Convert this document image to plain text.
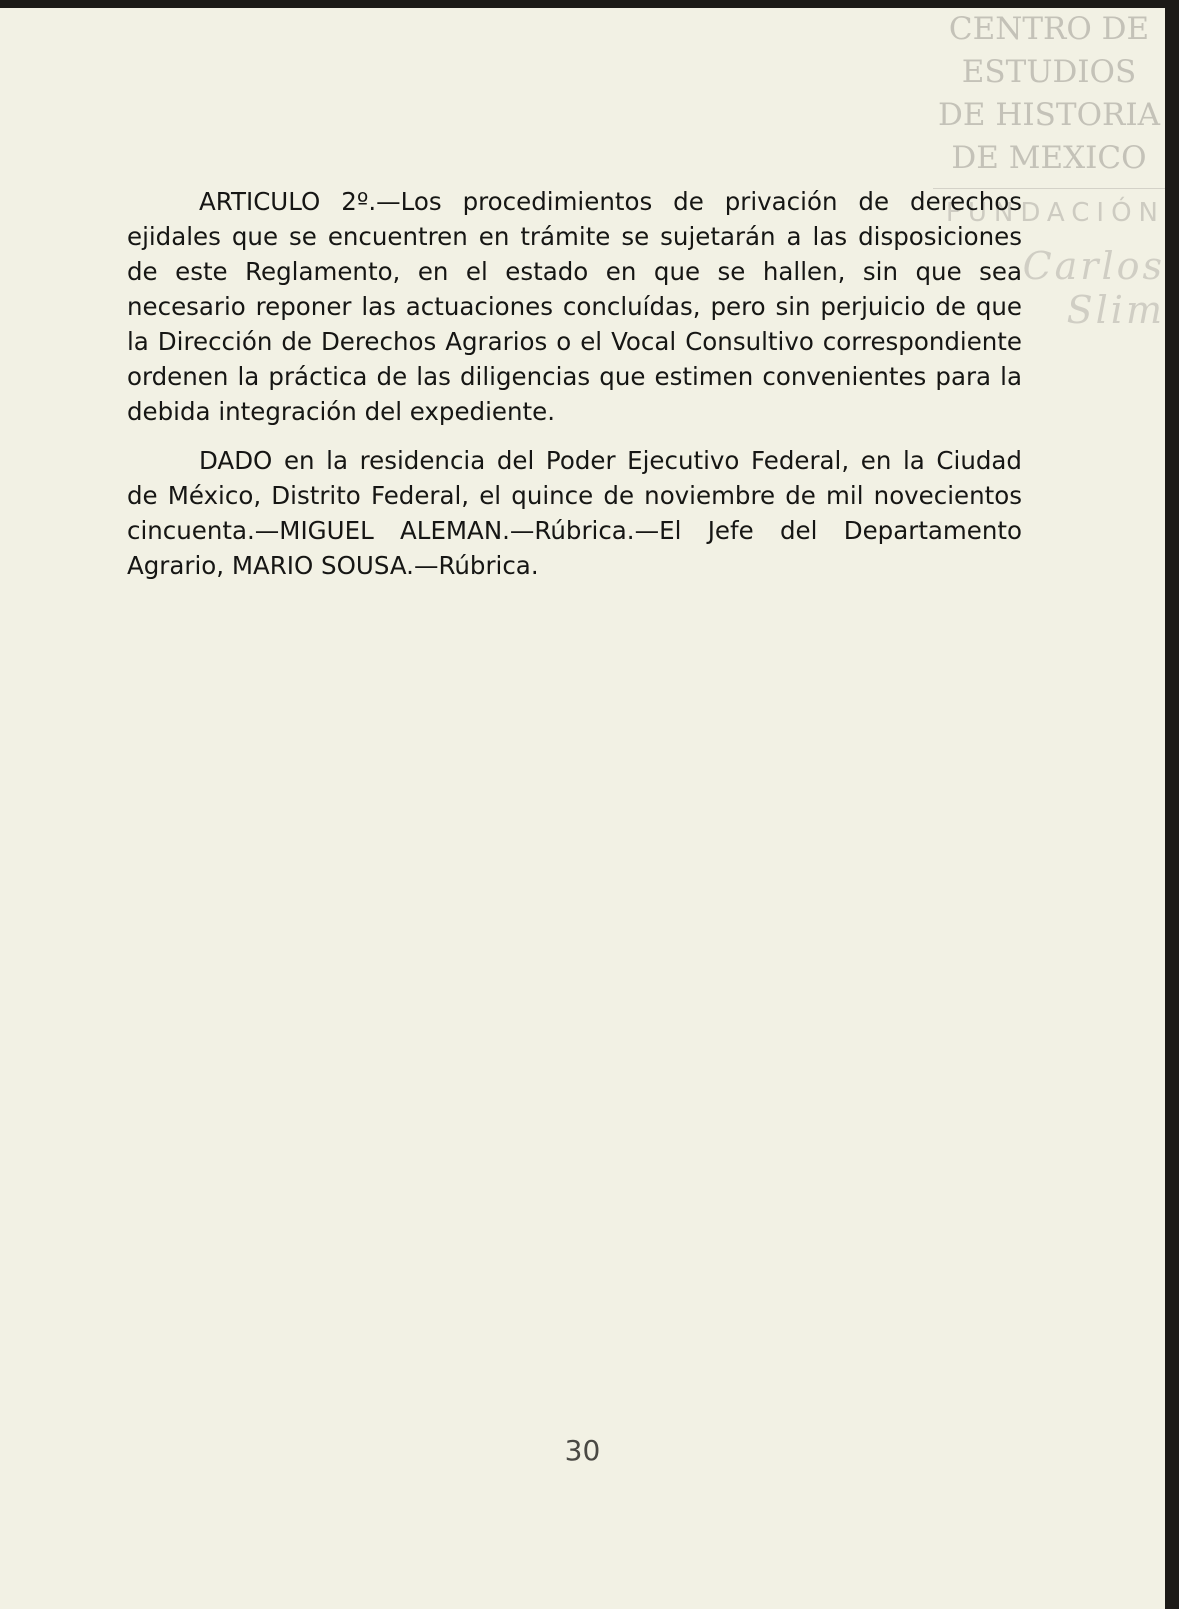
CENTRO DE
ESTUDIOS
DE HISTORIA
DE MEXICO
FUNDACIÓN
Carlos Slim

ARTICULO 2º.—Los procedimientos de privación de derechos ejidales que se encuentren en trámite se sujetarán a las disposiciones de este Reglamento, en el estado en que se hallen, sin que sea necesario reponer las actuaciones concluídas, pero sin perjuicio de que la Dirección de Derechos Agrarios o el Vocal Consultivo correspondiente ordenen la práctica de las diligencias que estimen convenientes para la debida integración del expediente.

DADO en la residencia del Poder Ejecutivo Federal, en la Ciudad de México, Distrito Federal, el quince de noviembre de mil novecientos cincuenta.—MIGUEL ALEMAN.—Rúbrica.—El Jefe del Departamento Agrario, MARIO SOUSA.—Rúbrica.

30
